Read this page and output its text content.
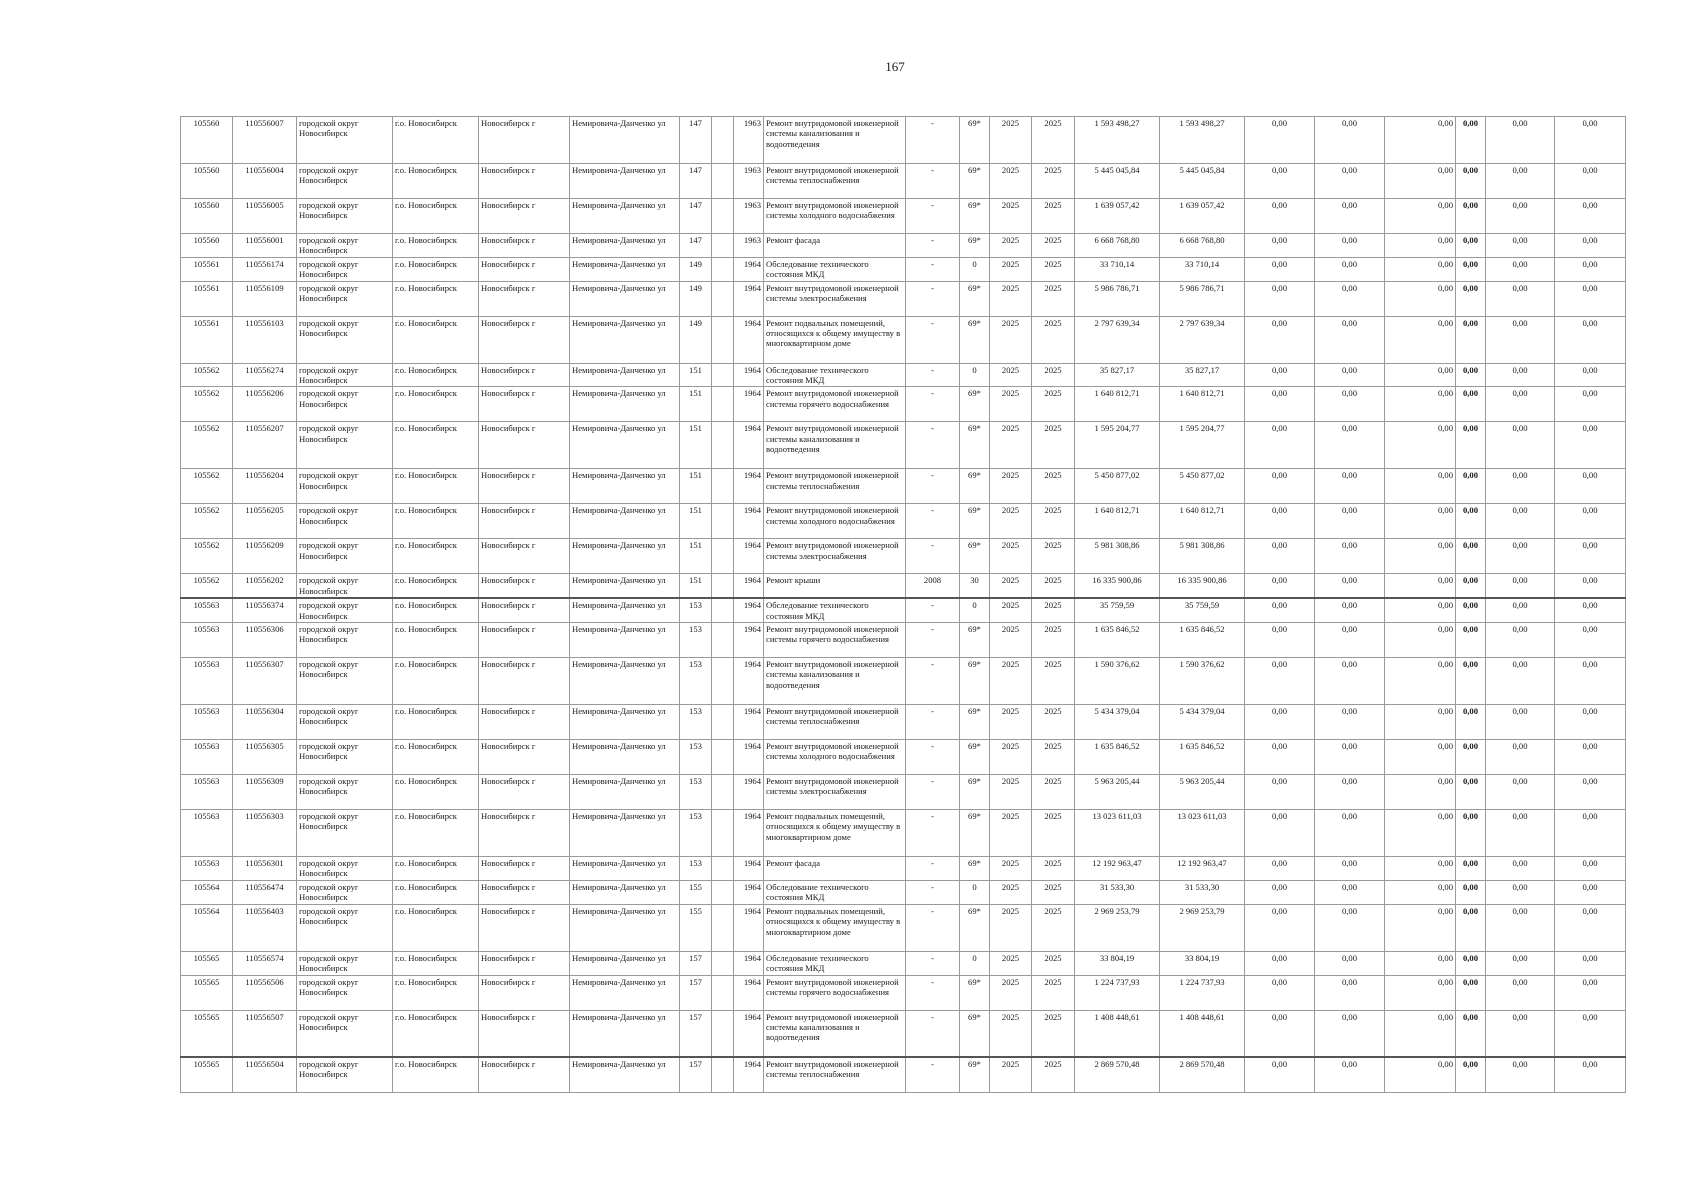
167
105560	110556007	городской округ Новосибирск	г.о. Новосибирск	Новосибирск г	Немировича-Данченко ул	147		1963	Ремонт внутридомовой инженерной системы канализования и водоотведения	-	69*	2025	2025	1 593 498,27	1 593 498,27	0,00	0,00	0,00	0,00	0,00	0,00
105560	110556004	городской округ Новосибирск	г.о. Новосибирск	Новосибирск г	Немировича-Данченко ул	147		1963	Ремонт внутридомовой инженерной системы теплоснабжения	-	69*	2025	2025	5 445 045,84	5 445 045,84	0,00	0,00	0,00	0,00	0,00	0,00
105560	110556005	городской округ Новосибирск	г.о. Новосибирск	Новосибирск г	Немировича-Данченко ул	147		1963	Ремонт внутридомовой инженерной системы холодного водоснабжения	-	69*	2025	2025	1 639 057,42	1 639 057,42	0,00	0,00	0,00	0,00	0,00	0,00
105560	110556001	городской округ Новосибирск	г.о. Новосибирск	Новосибирск г	Немировича-Данченко ул	147		1963	Ремонт фасада	-	69*	2025	2025	6 668 768,80	6 668 768,80	0,00	0,00	0,00	0,00	0,00	0,00
105561	110556174	городской округ Новосибирск	г.о. Новосибирск	Новосибирск г	Немировича-Данченко ул	149		1964	Обследование технического состояния МКД	-	0	2025	2025	33 710,14	33 710,14	0,00	0,00	0,00	0,00	0,00	0,00
105561	110556109	городской округ Новосибирск	г.о. Новосибирск	Новосибирск г	Немировича-Данченко ул	149		1964	Ремонт внутридомовой инженерной системы электроснабжения	-	69*	2025	2025	5 986 786,71	5 986 786,71	0,00	0,00	0,00	0,00	0,00	0,00
105561	110556103	городской округ Новосибирск	г.о. Новосибирск	Новосибирск г	Немировича-Данченко ул	149		1964	Ремонт подвальных помещений, относящихся к общему имуществу в многоквартирном доме	-	69*	2025	2025	2 797 639,34	2 797 639,34	0,00	0,00	0,00	0,00	0,00	0,00
105562	110556274	городской округ Новосибирск	г.о. Новосибирск	Новосибирск г	Немировича-Данченко ул	151		1964	Обследование технического состояния МКД	-	0	2025	2025	35 827,17	35 827,17	0,00	0,00	0,00	0,00	0,00	0,00
105562	110556206	городской округ Новосибирск	г.о. Новосибирск	Новосибирск г	Немировича-Данченко ул	151		1964	Ремонт внутридомовой инженерной системы горячего водоснабжения	-	69*	2025	2025	1 640 812,71	1 640 812,71	0,00	0,00	0,00	0,00	0,00	0,00
105562	110556207	городской округ Новосибирск	г.о. Новосибирск	Новосибирск г	Немировича-Данченко ул	151		1964	Ремонт внутридомовой инженерной системы канализования и водоотведения	-	69*	2025	2025	1 595 204,77	1 595 204,77	0,00	0,00	0,00	0,00	0,00	0,00
105562	110556204	городской округ Новосибирск	г.о. Новосибирск	Новосибирск г	Немировича-Данченко ул	151		1964	Ремонт внутридомовой инженерной системы теплоснабжения	-	69*	2025	2025	5 450 877,02	5 450 877,02	0,00	0,00	0,00	0,00	0,00	0,00
105562	110556205	городской округ Новосибирск	г.о. Новосибирск	Новосибирск г	Немировича-Данченко ул	151		1964	Ремонт внутридомовой инженерной системы холодного водоснабжения	-	69*	2025	2025	1 640 812,71	1 640 812,71	0,00	0,00	0,00	0,00	0,00	0,00
105562	110556209	городской округ Новосибирск	г.о. Новосибирск	Новосибирск г	Немировича-Данченко ул	151		1964	Ремонт внутридомовой инженерной системы электроснабжения	-	69*	2025	2025	5 981 308,86	5 981 308,86	0,00	0,00	0,00	0,00	0,00	0,00
105562	110556202	городской округ Новосибирск	г.о. Новосибирск	Новосибирск г	Немировича-Данченко ул	151		1964	Ремонт крыши	2008	30	2025	2025	16 335 900,86	16 335 900,86	0,00	0,00	0,00	0,00	0,00	0,00
105563	110556374	городской округ Новосибирск	г.о. Новосибирск	Новосибирск г	Немировича-Данченко ул	153		1964	Обследование технического состояния МКД	-	0	2025	2025	35 759,59	35 759,59	0,00	0,00	0,00	0,00	0,00	0,00
105563	110556306	городской округ Новосибирск	г.о. Новосибирск	Новосибирск г	Немировича-Данченко ул	153		1964	Ремонт внутридомовой инженерной системы горячего водоснабжения	-	69*	2025	2025	1 635 846,52	1 635 846,52	0,00	0,00	0,00	0,00	0,00	0,00
105563	110556307	городской округ Новосибирск	г.о. Новосибирск	Новосибирск г	Немировича-Данченко ул	153		1964	Ремонт внутридомовой инженерной системы канализования и водоотведения	-	69*	2025	2025	1 590 376,62	1 590 376,62	0,00	0,00	0,00	0,00	0,00	0,00
105563	110556304	городской округ Новосибирск	г.о. Новосибирск	Новосибирск г	Немировича-Данченко ул	153		1964	Ремонт внутридомовой инженерной системы теплоснабжения	-	69*	2025	2025	5 434 379,04	5 434 379,04	0,00	0,00	0,00	0,00	0,00	0,00
105563	110556305	городской округ Новосибирск	г.о. Новосибирск	Новосибирск г	Немировича-Данченко ул	153		1964	Ремонт внутридомовой инженерной системы холодного водоснабжения	-	69*	2025	2025	1 635 846,52	1 635 846,52	0,00	0,00	0,00	0,00	0,00	0,00
105563	110556309	городской округ Новосибирск	г.о. Новосибирск	Новосибирск г	Немировича-Данченко ул	153		1964	Ремонт внутридомовой инженерной системы электроснабжения	-	69*	2025	2025	5 963 205,44	5 963 205,44	0,00	0,00	0,00	0,00	0,00	0,00
105563	110556303	городской округ Новосибирск	г.о. Новосибирск	Новосибирск г	Немировича-Данченко ул	153		1964	Ремонт подвальных помещений, относящихся к общему имуществу в многоквартирном доме	-	69*	2025	2025	13 023 611,03	13 023 611,03	0,00	0,00	0,00	0,00	0,00	0,00
105563	110556301	городской округ Новосибирск	г.о. Новосибирск	Новосибирск г	Немировича-Данченко ул	153		1964	Ремонт фасада	-	69*	2025	2025	12 192 963,47	12 192 963,47	0,00	0,00	0,00	0,00	0,00	0,00
105564	110556474	городской округ Новосибирск	г.о. Новосибирск	Новосибирск г	Немировича-Данченко ул	155		1964	Обследование технического состояния МКД	-	0	2025	2025	31 533,30	31 533,30	0,00	0,00	0,00	0,00	0,00	0,00
105564	110556403	городской округ Новосибирск	г.о. Новосибирск	Новосибирск г	Немировича-Данченко ул	155		1964	Ремонт подвальных помещений, относящихся к общему имуществу в многоквартирном доме	-	69*	2025	2025	2 969 253,79	2 969 253,79	0,00	0,00	0,00	0,00	0,00	0,00
105565	110556574	городской округ Новосибирск	г.о. Новосибирск	Новосибирск г	Немировича-Данченко ул	157		1964	Обследование технического состояния МКД	-	0	2025	2025	33 804,19	33 804,19	0,00	0,00	0,00	0,00	0,00	0,00
105565	110556506	городской округ Новосибирск	г.о. Новосибирск	Новосибирск г	Немировича-Данченко ул	157		1964	Ремонт внутридомовой инженерной системы горячего водоснабжения	-	69*	2025	2025	1 224 737,93	1 224 737,93	0,00	0,00	0,00	0,00	0,00	0,00
105565	110556507	городской округ Новосибирск	г.о. Новосибирск	Новосибирск г	Немировича-Данченко ул	157		1964	Ремонт внутридомовой инженерной системы канализования и водоотведения	-	69*	2025	2025	1 408 448,61	1 408 448,61	0,00	0,00	0,00	0,00	0,00	0,00
105565	110556504	городской округ Новосибирск	г.о. Новосибирск	Новосибирск г	Немировича-Данченко ул	157		1964	Ремонт внутридомовой инженерной системы теплоснабжения	-	69*	2025	2025	2 869 570,48	2 869 570,48	0,00	0,00	0,00	0,00	0,00	0,00
